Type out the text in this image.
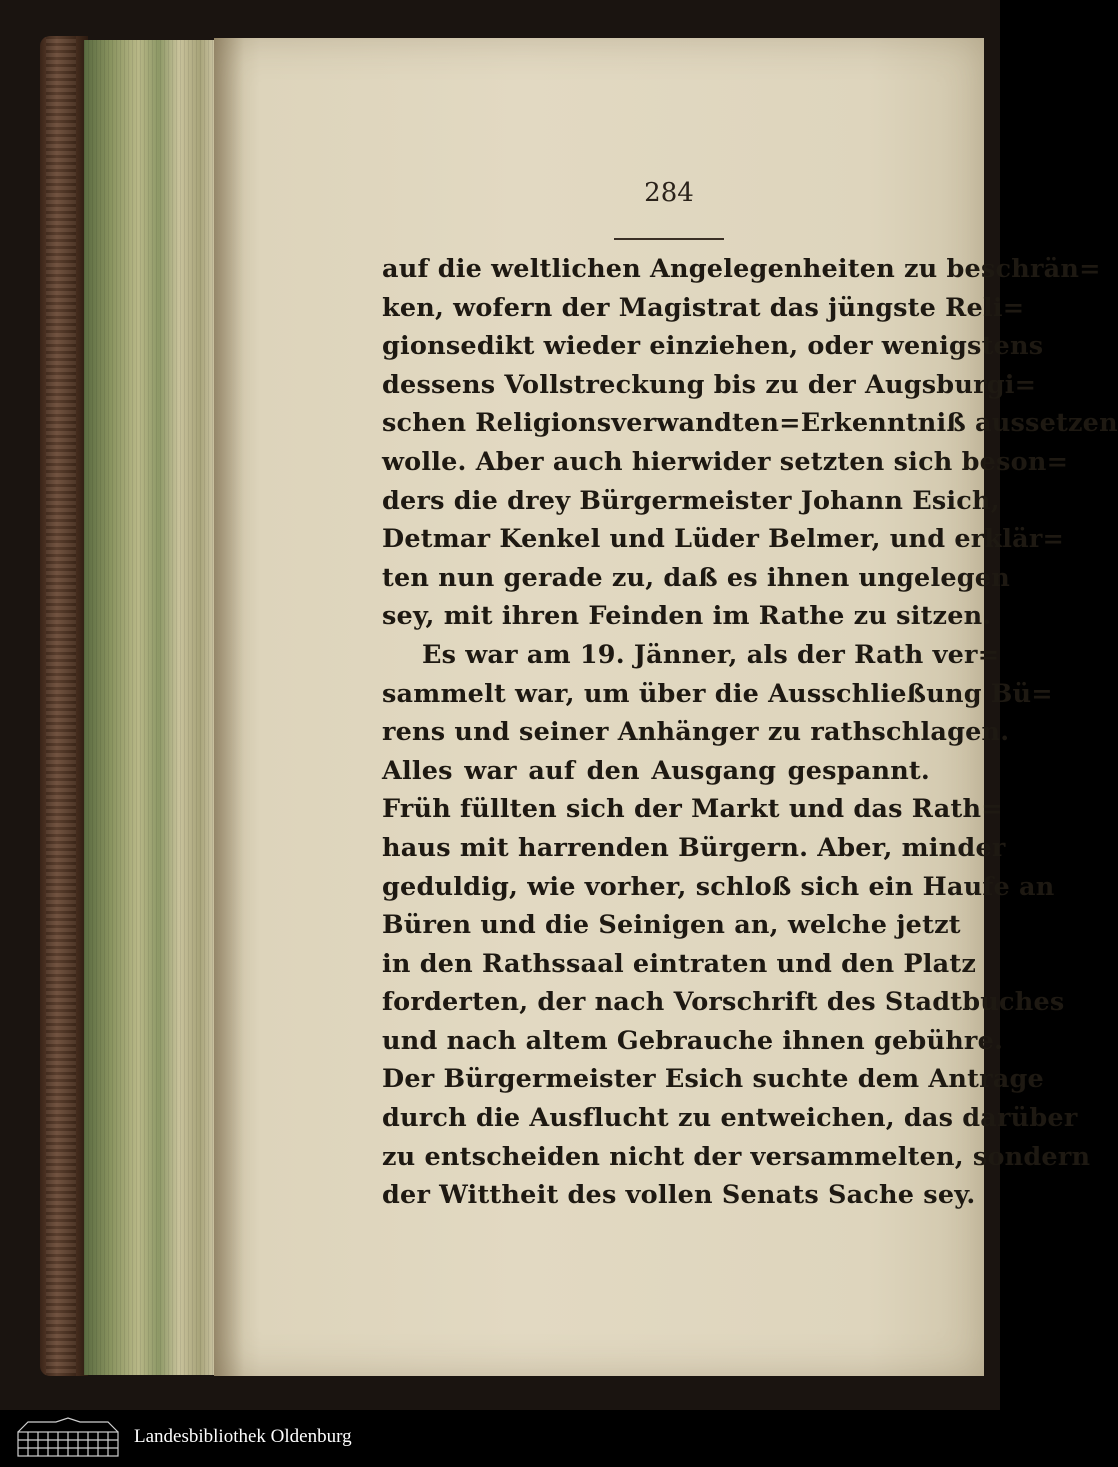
284
auf die weltlichen Angelegenheiten zu beschrän=
ken, wofern der Magistrat das jüngste Reli=
gionsedikt wieder einziehen, oder wenigstens
dessens Vollstreckung bis zu der Augsburgi=
schen Religionsverwandten=Erkenntniß aussetzen
wolle. Aber auch hierwider setzten sich beson=
ders die drey Bürgermeister Johann Esich,
Detmar Kenkel und Lüder Belmer, und erklär=
ten nun gerade zu, daß es ihnen ungelegen
sey, mit ihren Feinden im Rathe zu sitzen.
Es war am 19. Jänner, als der Rath ver=
sammelt war, um über die Ausschließung Bü=
rens und seiner Anhänger zu rathschlagen.
Alles war auf den Ausgang gespannt.
Früh füllten sich der Markt und das Rath=
haus mit harrenden Bürgern. Aber, minder
geduldig, wie vorher, schloß sich ein Haufe an
Büren und die Seinigen an, welche jetzt
in den Rathssaal eintraten und den Platz
forderten, der nach Vorschrift des Stadtbuches
und nach altem Gebrauche ihnen gebühre.
Der Bürgermeister Esich suchte dem Antrage
durch die Ausflucht zu entweichen, das darüber
zu entscheiden nicht der versammelten, sondern
der Wittheit des vollen Senats Sache sey.
Landesbibliothek Oldenburg
